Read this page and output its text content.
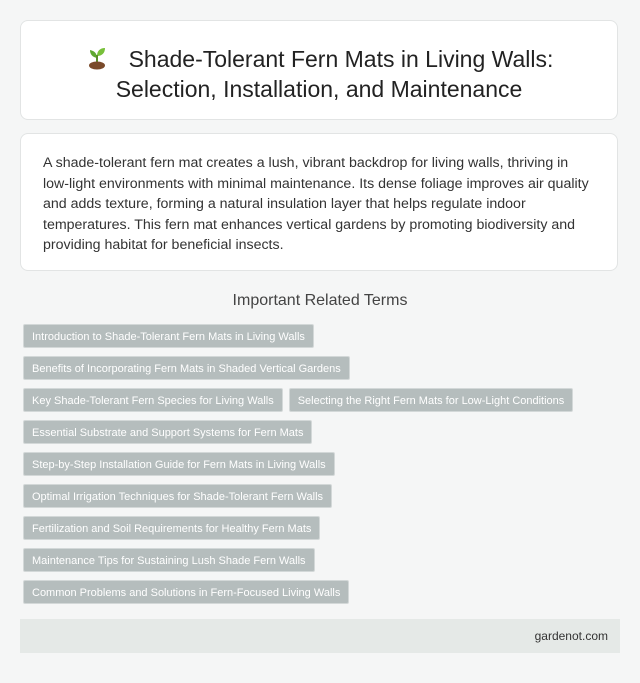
Shade-Tolerant Fern Mats in Living Walls:
Selection, Installation, and Maintenance

A shade-tolerant fern mat creates a lush, vibrant backdrop for living walls, thriving in low-light environments with minimal maintenance. Its dense foliage improves air quality and adds texture, forming a natural insulation layer that helps regulate indoor temperatures. This fern mat enhances vertical gardens by promoting biodiversity and providing habitat for beneficial insects.

Important Related Terms
Introduction to Shade-Tolerant Fern Mats in Living Walls
Benefits of Incorporating Fern Mats in Shaded Vertical Gardens
Key Shade-Tolerant Fern Species for Living Walls Selecting the Right Fern Mats for Low-Light Conditions
Essential Substrate and Support Systems for Fern Mats
Step-by-Step Installation Guide for Fern Mats in Living Walls
Optimal Irrigation Techniques for Shade-Tolerant Fern Walls
Fertilization and Soil Requirements for Healthy Fern Mats
Maintenance Tips for Sustaining Lush Shade Fern Walls
Common Problems and Solutions in Fern-Focused Living Walls
gardenot.com
